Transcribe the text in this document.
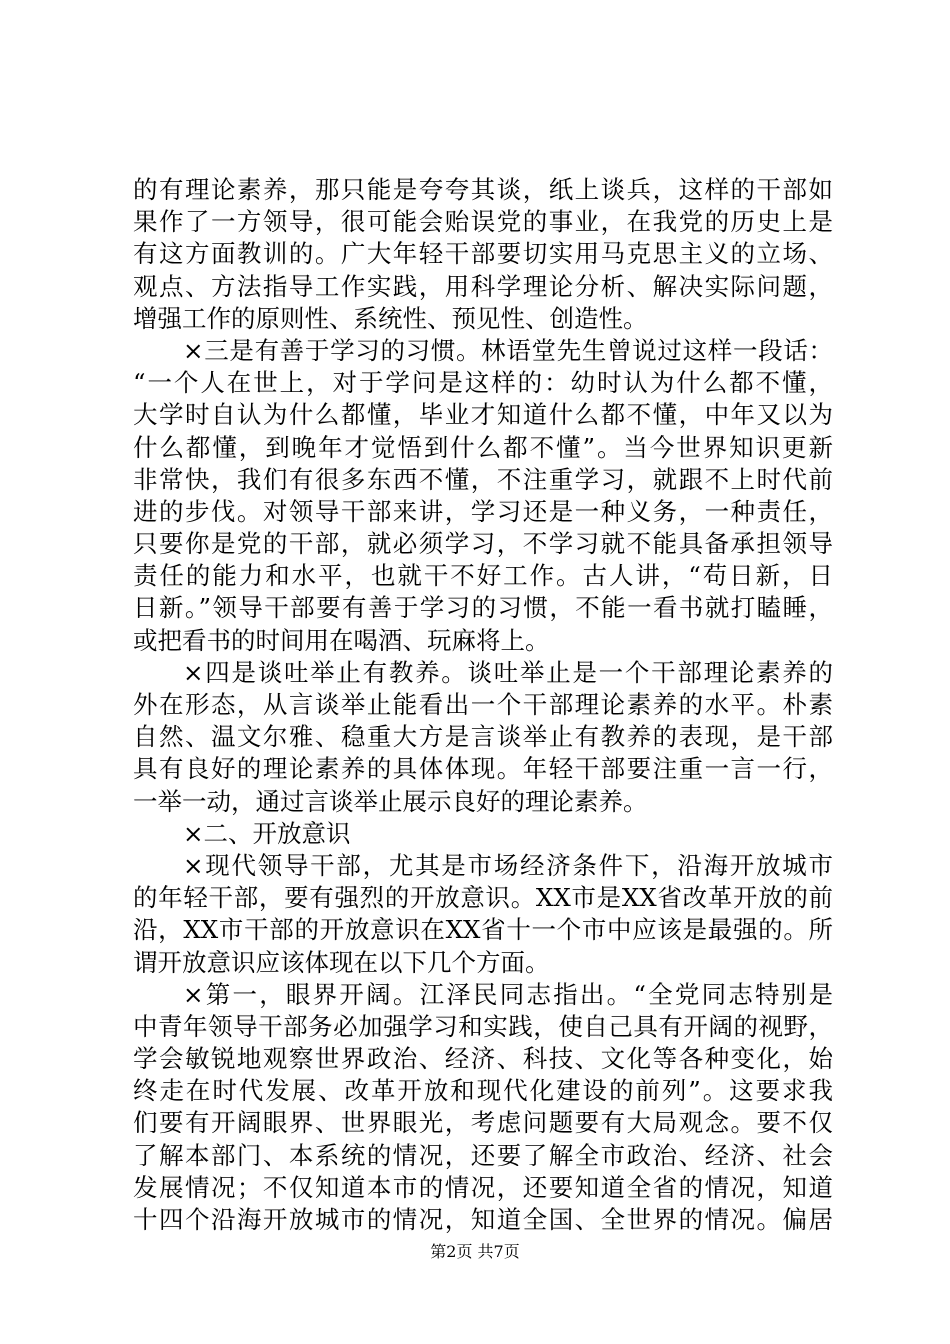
的有理论素养，那只能是夸夸其谈，纸上谈兵，这样的干部如
果作了一方领导，很可能会贻误党的事业，在我党的历史上是
有这方面教训的。广大年轻干部要切实用马克思主义的立场、
观点、方法指导工作实践，用科学理论分析、解决实际问题，
增强工作的原则性、系统性、预见性、创造性。
×三是有善于学习的习惯。林语堂先生曾说过这样一段话：
“一个人在世上，对于学问是这样的：幼时认为什么都不懂，
大学时自认为什么都懂，毕业才知道什么都不懂，中年又以为
什么都懂，到晚年才觉悟到什么都不懂”。当今世界知识更新
非常快，我们有很多东西不懂，不注重学习，就跟不上时代前
进的步伐。对领导干部来讲，学习还是一种义务，一种责任，
只要你是党的干部，就必须学习，不学习就不能具备承担领导
责任的能力和水平，也就干不好工作。古人讲，“苟日新，日
日新。”领导干部要有善于学习的习惯，不能一看书就打瞌睡，
或把看书的时间用在喝酒、玩麻将上。
×四是谈吐举止有教养。谈吐举止是一个干部理论素养的
外在形态，从言谈举止能看出一个干部理论素养的水平。朴素
自然、温文尔雅、稳重大方是言谈举止有教养的表现，是干部
具有良好的理论素养的具体体现。年轻干部要注重一言一行，
一举一动，通过言谈举止展示良好的理论素养。
×二、开放意识
×现代领导干部，尤其是市场经济条件下，沿海开放城市
的年轻干部，要有强烈的开放意识。XX市是XX省改革开放的前
沿，XX市干部的开放意识在XX省十一个市中应该是最强的。所
谓开放意识应该体现在以下几个方面。
×第一，眼界开阔。江泽民同志指出。“全党同志特别是
中青年领导干部务必加强学习和实践，使自己具有开阔的视野，
学会敏锐地观察世界政治、经济、科技、文化等各种变化，始
终走在时代发展、改革开放和现代化建设的前列”。这要求我
们要有开阔眼界、世界眼光，考虑问题要有大局观念。要不仅
了解本部门、本系统的情况，还要了解全市政治、经济、社会
发展情况；不仅知道本市的情况，还要知道全省的情况，知道
十四个沿海开放城市的情况，知道全国、全世界的情况。偏居
第2页 共7页
